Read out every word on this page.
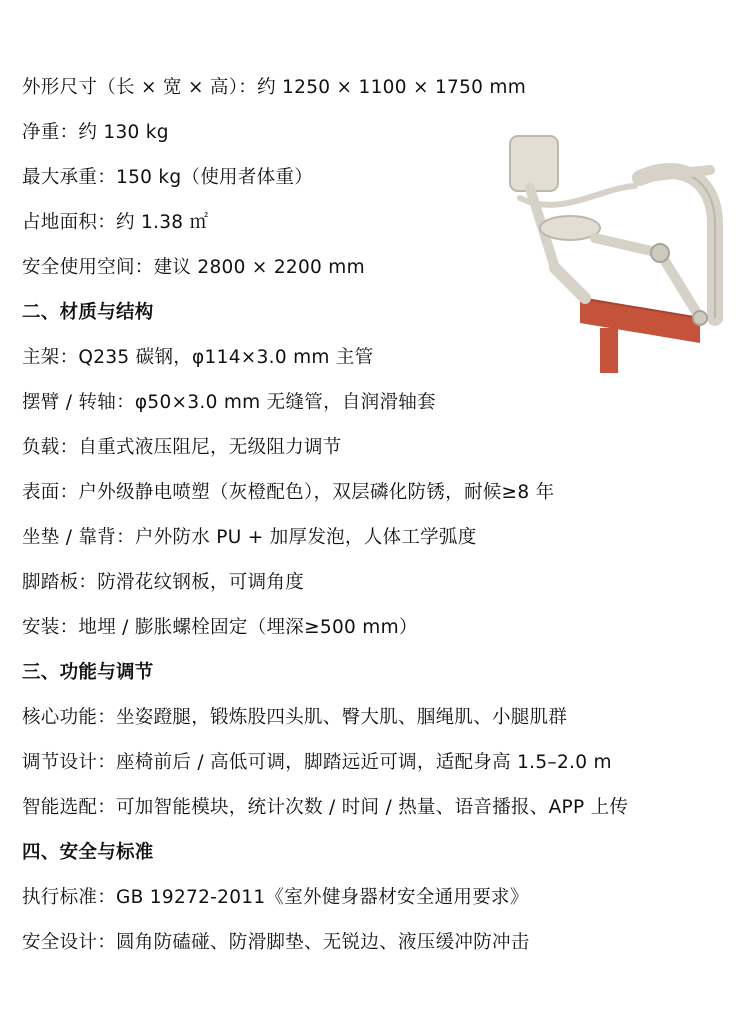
外形尺寸（长 × 宽 × 高）：约 1250 × 1100 × 1750 mm
净重：约 130 kg
最大承重：150 kg（使用者体重）
占地面积：约 1.38 ㎡
安全使用空间：建议 2800 × 2200 mm
二、材质与结构
主架：Q235 碳钢，φ114×3.0 mm 主管
摆臂 / 转轴：φ50×3.0 mm 无缝管，自润滑轴套
负载：自重式液压阻尼，无级阻力调节
表面：户外级静电喷塑（灰橙配色），双层磷化防锈，耐候≥8 年
坐垫 / 靠背：户外防水 PU + 加厚发泡，人体工学弧度
脚踏板：防滑花纹钢板，可调角度
安装：地埋 / 膨胀螺栓固定（埋深≥500 mm）
三、功能与调节
核心功能：坐姿蹬腿，锻炼股四头肌、臀大肌、腘绳肌、小腿肌群
调节设计：座椅前后 / 高低可调，脚踏远近可调，适配身高 1.5–2.0 m
智能选配：可加智能模块，统计次数 / 时间 / 热量、语音播报、APP 上传
四、安全与标准
执行标准：GB 19272-2011《室外健身器材安全通用要求》
安全设计：圆角防磕碰、防滑脚垫、无锐边、液压缓冲防冲击
